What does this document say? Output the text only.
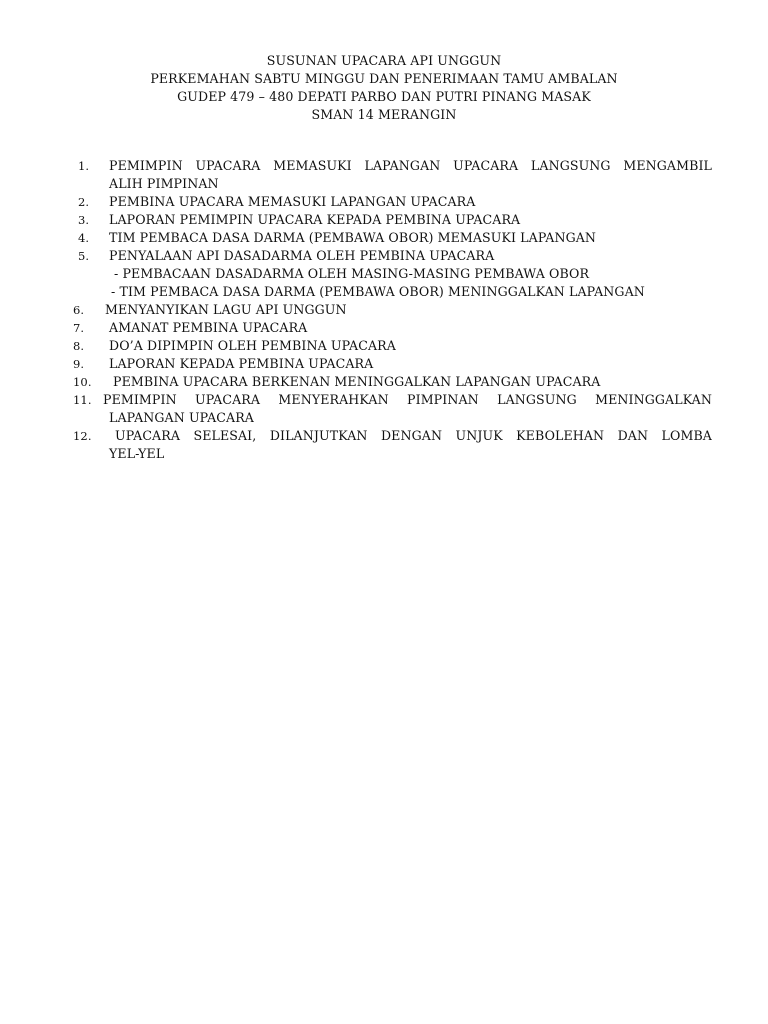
SUSUNAN UPACARA API UNGGUN
PERKEMAHAN SABTU MINGGU DAN PENERIMAAN TAMU AMBALAN
GUDEP 479 – 480 DEPATI PARBO DAN PUTRI PINANG MASAK
SMAN 14 MERANGIN
1. PEMIMPIN UPACARA MEMASUKI LAPANGAN UPACARA LANGSUNG MENGAMBIL
ALIH PIMPINAN
2. PEMBINA UPACARA MEMASUKI LAPANGAN UPACARA
3. LAPORAN PEMIMPIN UPACARA KEPADA PEMBINA UPACARA
4. TIM PEMBACA DASA DARMA (PEMBAWA OBOR) MEMASUKI LAPANGAN
5. PENYALAAN API DASADARMA OLEH PEMBINA UPACARA
- PEMBACAAN DASADARMA OLEH MASING-MASING PEMBAWA OBOR
- TIM PEMBACA DASA DARMA (PEMBAWA OBOR) MENINGGALKAN LAPANGAN
6. MENYANYIKAN LAGU API UNGGUN
7. AMANAT PEMBINA UPACARA
8. DO’A DIPIMPIN OLEH PEMBINA UPACARA
9. LAPORAN KEPADA PEMBINA UPACARA
10. PEMBINA UPACARA BERKENAN MENINGGALKAN LAPANGAN UPACARA
11. PEMIMPIN UPACARA MENYERAHKAN PIMPINAN LANGSUNG MENINGGALKAN
LAPANGAN UPACARA
12. UPACARA SELESAI, DILANJUTKAN DENGAN UNJUK KEBOLEHAN DAN LOMBA
YEL-YEL
